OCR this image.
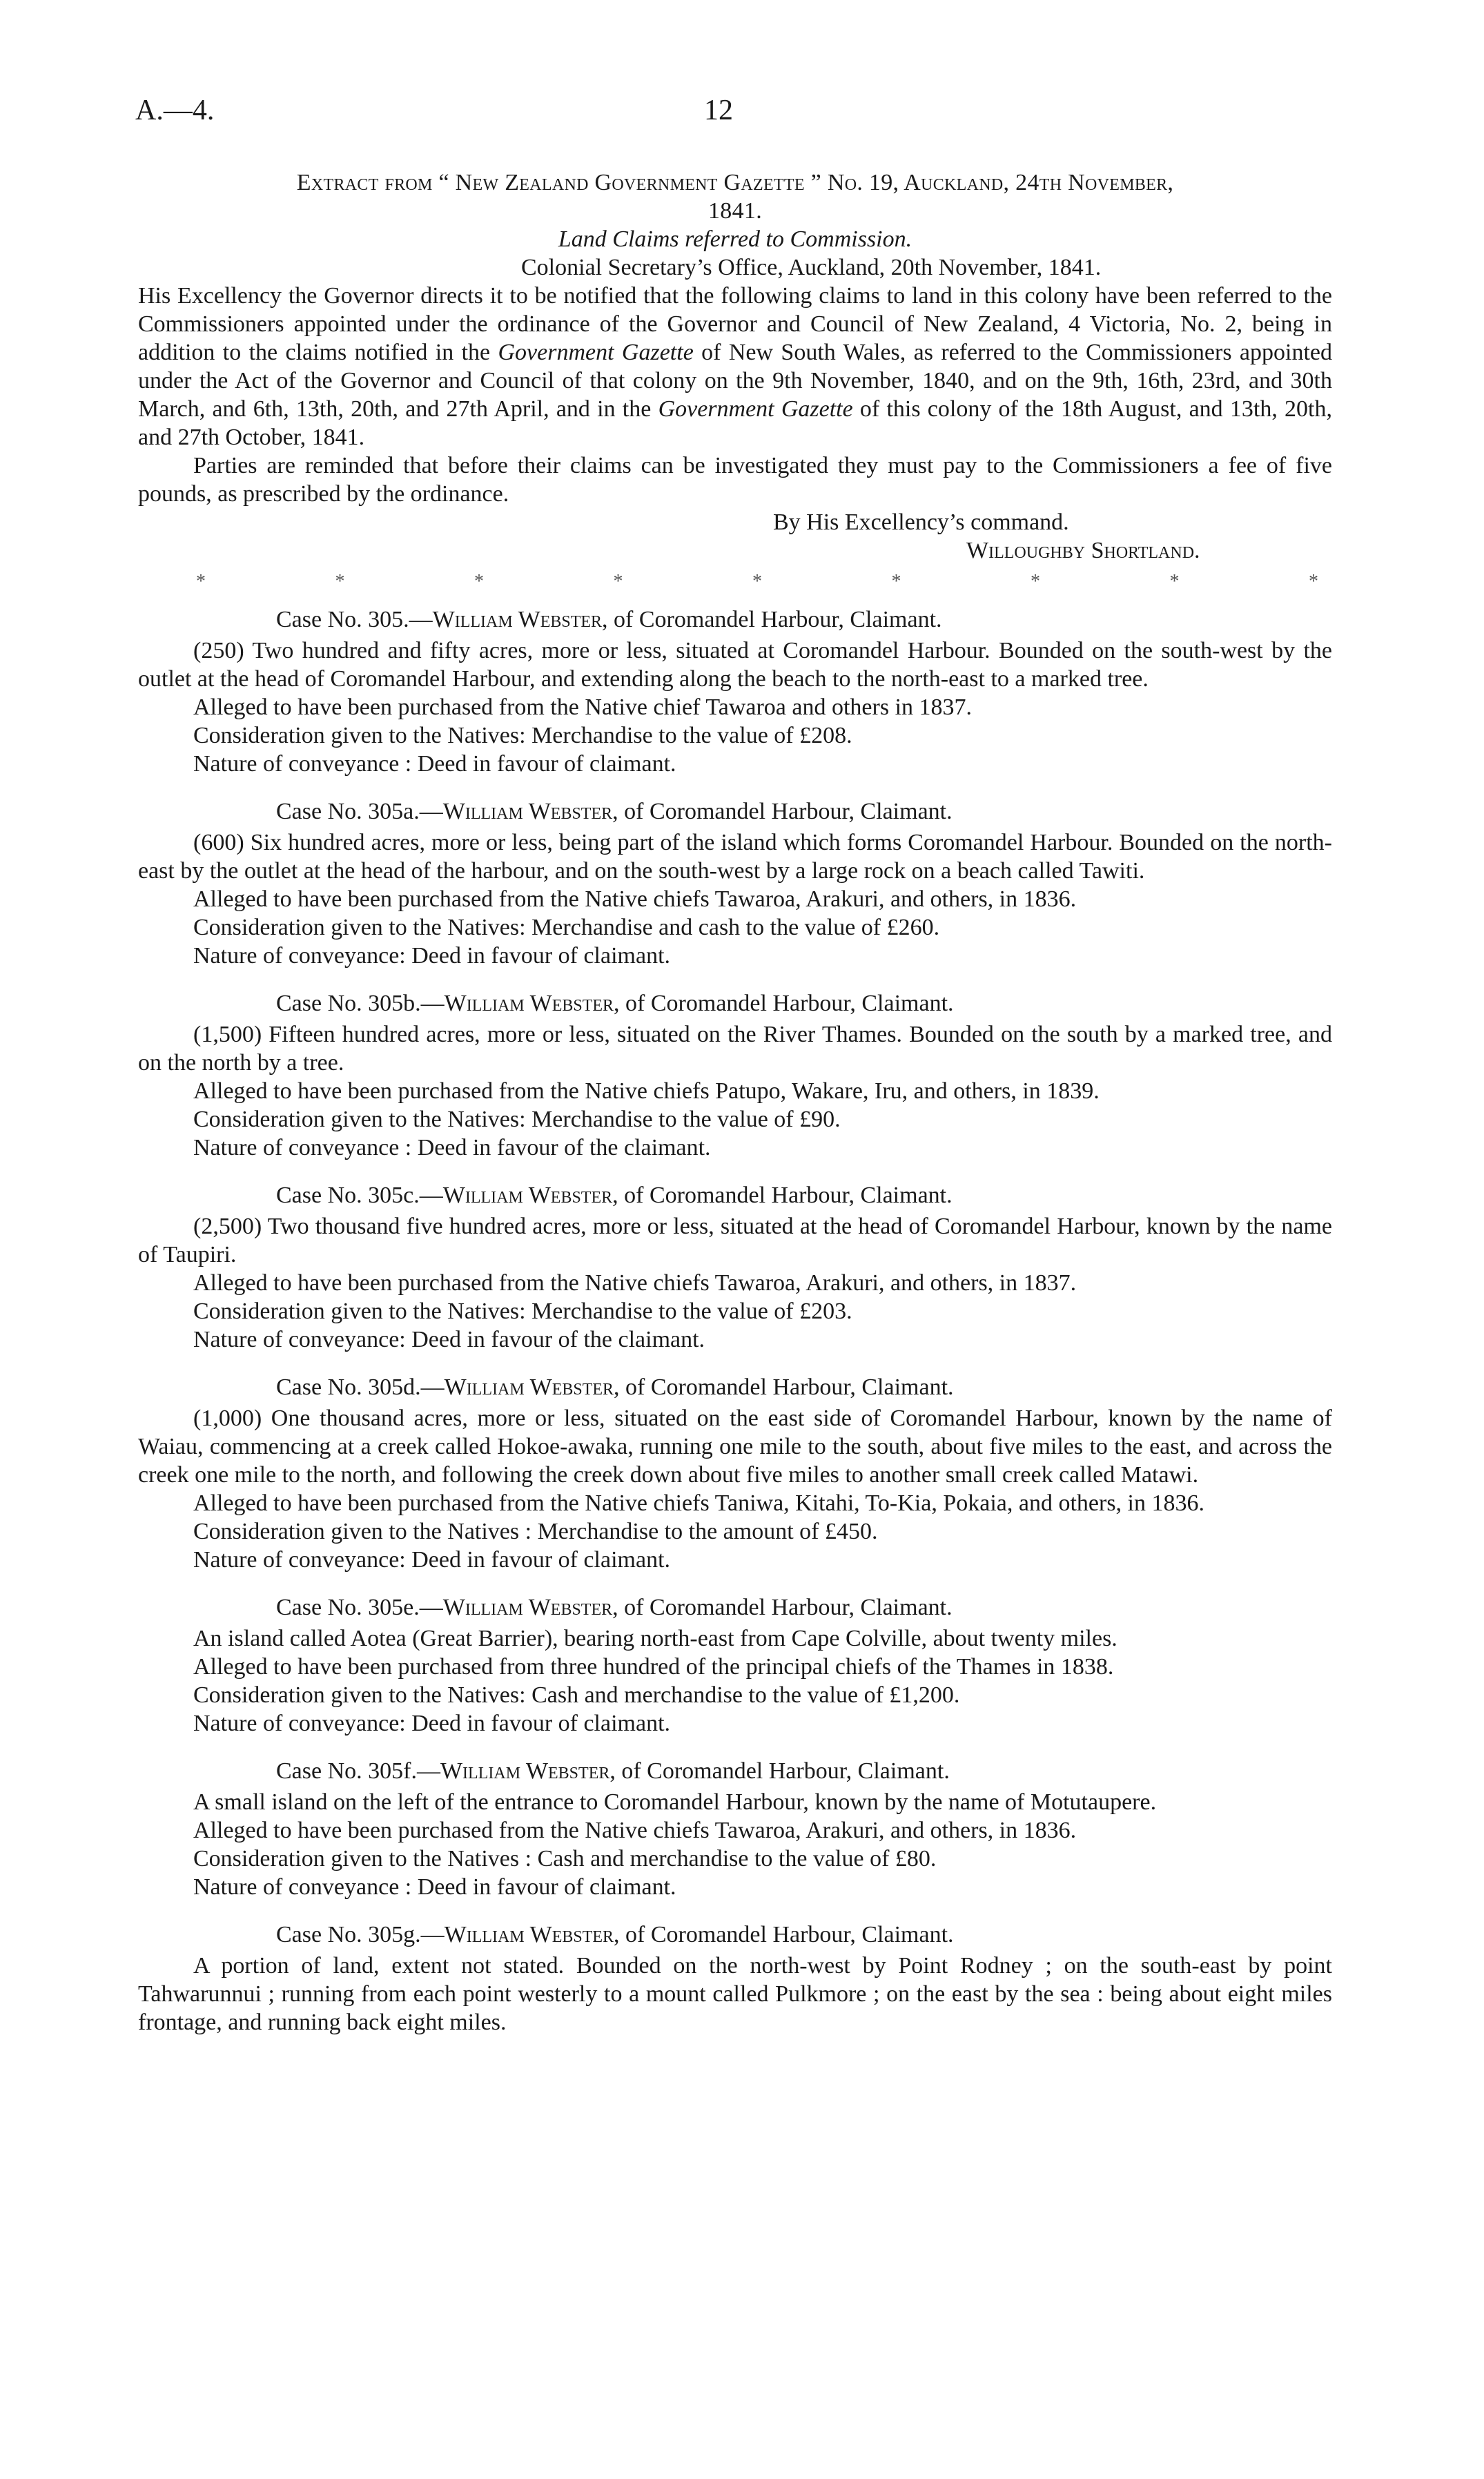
A.—4.	12
Extract from “ New Zealand Government Gazette ” No. 19, Auckland, 24th November,
1841.
Land Claims referred to Commission.
Colonial Secretary’s Office, Auckland, 20th November, 1841.

His Excellency the Governor directs it to be notified that the following claims to land in this colony have been referred to the Commissioners appointed under the ordinance of the Governor and Council of New Zealand, 4 Victoria, No. 2, being in addition to the claims notified in the Government Gazette of New South Wales, as referred to the Commissioners appointed under the Act of the Governor and Council of that colony on the 9th November, 1840, and on the 9th, 16th, 23rd, and 30th March, and 6th, 13th, 20th, and 27th April, and in the Government Gazette of this colony of the 18th August, and 13th, 20th, and 27th October, 1841.

Parties are reminded that before their claims can be investigated they must pay to the Commissioners a fee of five pounds, as prescribed by the ordinance.

By His Excellency’s command.
Willoughby Shortland.
*	*	*	*	*	*	*	*	*
Case No. 305.—William Webster, of Coromandel Harbour, Claimant.

(250) Two hundred and fifty acres, more or less, situated at Coromandel Harbour. Bounded on the south-west by the outlet at the head of Coromandel Harbour, and extending along the beach to the north-east to a marked tree.

Alleged to have been purchased from the Native chief Tawaroa and others in 1837.

Consideration given to the Natives: Merchandise to the value of £208.

Nature of conveyance : Deed in favour of claimant.

Case No. 305a.—William Webster, of Coromandel Harbour, Claimant.

(600) Six hundred acres, more or less, being part of the island which forms Coromandel Harbour. Bounded on the north-east by the outlet at the head of the harbour, and on the south-west by a large rock on a beach called Tawiti.

Alleged to have been purchased from the Native chiefs Tawaroa, Arakuri, and others, in 1836.

Consideration given to the Natives: Merchandise and cash to the value of £260.

Nature of conveyance: Deed in favour of claimant.

Case No. 305b.—William Webster, of Coromandel Harbour, Claimant.

(1,500) Fifteen hundred acres, more or less, situated on the River Thames. Bounded on the south by a marked tree, and on the north by a tree.

Alleged to have been purchased from the Native chiefs Patupo, Wakare, Iru, and others, in 1839.

Consideration given to the Natives: Merchandise to the value of £90.

Nature of conveyance : Deed in favour of the claimant.

Case No. 305c.—William Webster, of Coromandel Harbour, Claimant.

(2,500) Two thousand five hundred acres, more or less, situated at the head of Coromandel Harbour, known by the name of Taupiri.

Alleged to have been purchased from the Native chiefs Tawaroa, Arakuri, and others, in 1837.

Consideration given to the Natives: Merchandise to the value of £203.

Nature of conveyance: Deed in favour of the claimant.

Case No. 305d.—William Webster, of Coromandel Harbour, Claimant.

(1,000) One thousand acres, more or less, situated on the east side of Coromandel Harbour, known by the name of Waiau, commencing at a creek called Hokoe-awaka, running one mile to the south, about five miles to the east, and across the creek one mile to the north, and following the creek down about five miles to another small creek called Matawi.

Alleged to have been purchased from the Native chiefs Taniwa, Kitahi, To-Kia, Pokaia, and others, in 1836.

Consideration given to the Natives : Merchandise to the amount of £450.

Nature of conveyance: Deed in favour of claimant.

Case No. 305e.—William Webster, of Coromandel Harbour, Claimant.

An island called Aotea (Great Barrier), bearing north-east from Cape Colville, about twenty miles.

Alleged to have been purchased from three hundred of the principal chiefs of the Thames in 1838.

Consideration given to the Natives: Cash and merchandise to the value of £1,200.

Nature of conveyance: Deed in favour of claimant.

Case No. 305f.—William Webster, of Coromandel Harbour, Claimant.

A small island on the left of the entrance to Coromandel Harbour, known by the name of Motutaupere.

Alleged to have been purchased from the Native chiefs Tawaroa, Arakuri, and others, in 1836.

Consideration given to the Natives : Cash and merchandise to the value of £80.

Nature of conveyance : Deed in favour of claimant.

Case No. 305g.—William Webster, of Coromandel Harbour, Claimant.

A portion of land, extent not stated. Bounded on the north-west by Point Rodney ; on the south-east by point Tahwarunnui ; running from each point westerly to a mount called Pulkmore ; on the east by the sea : being about eight miles frontage, and running back eight miles.
